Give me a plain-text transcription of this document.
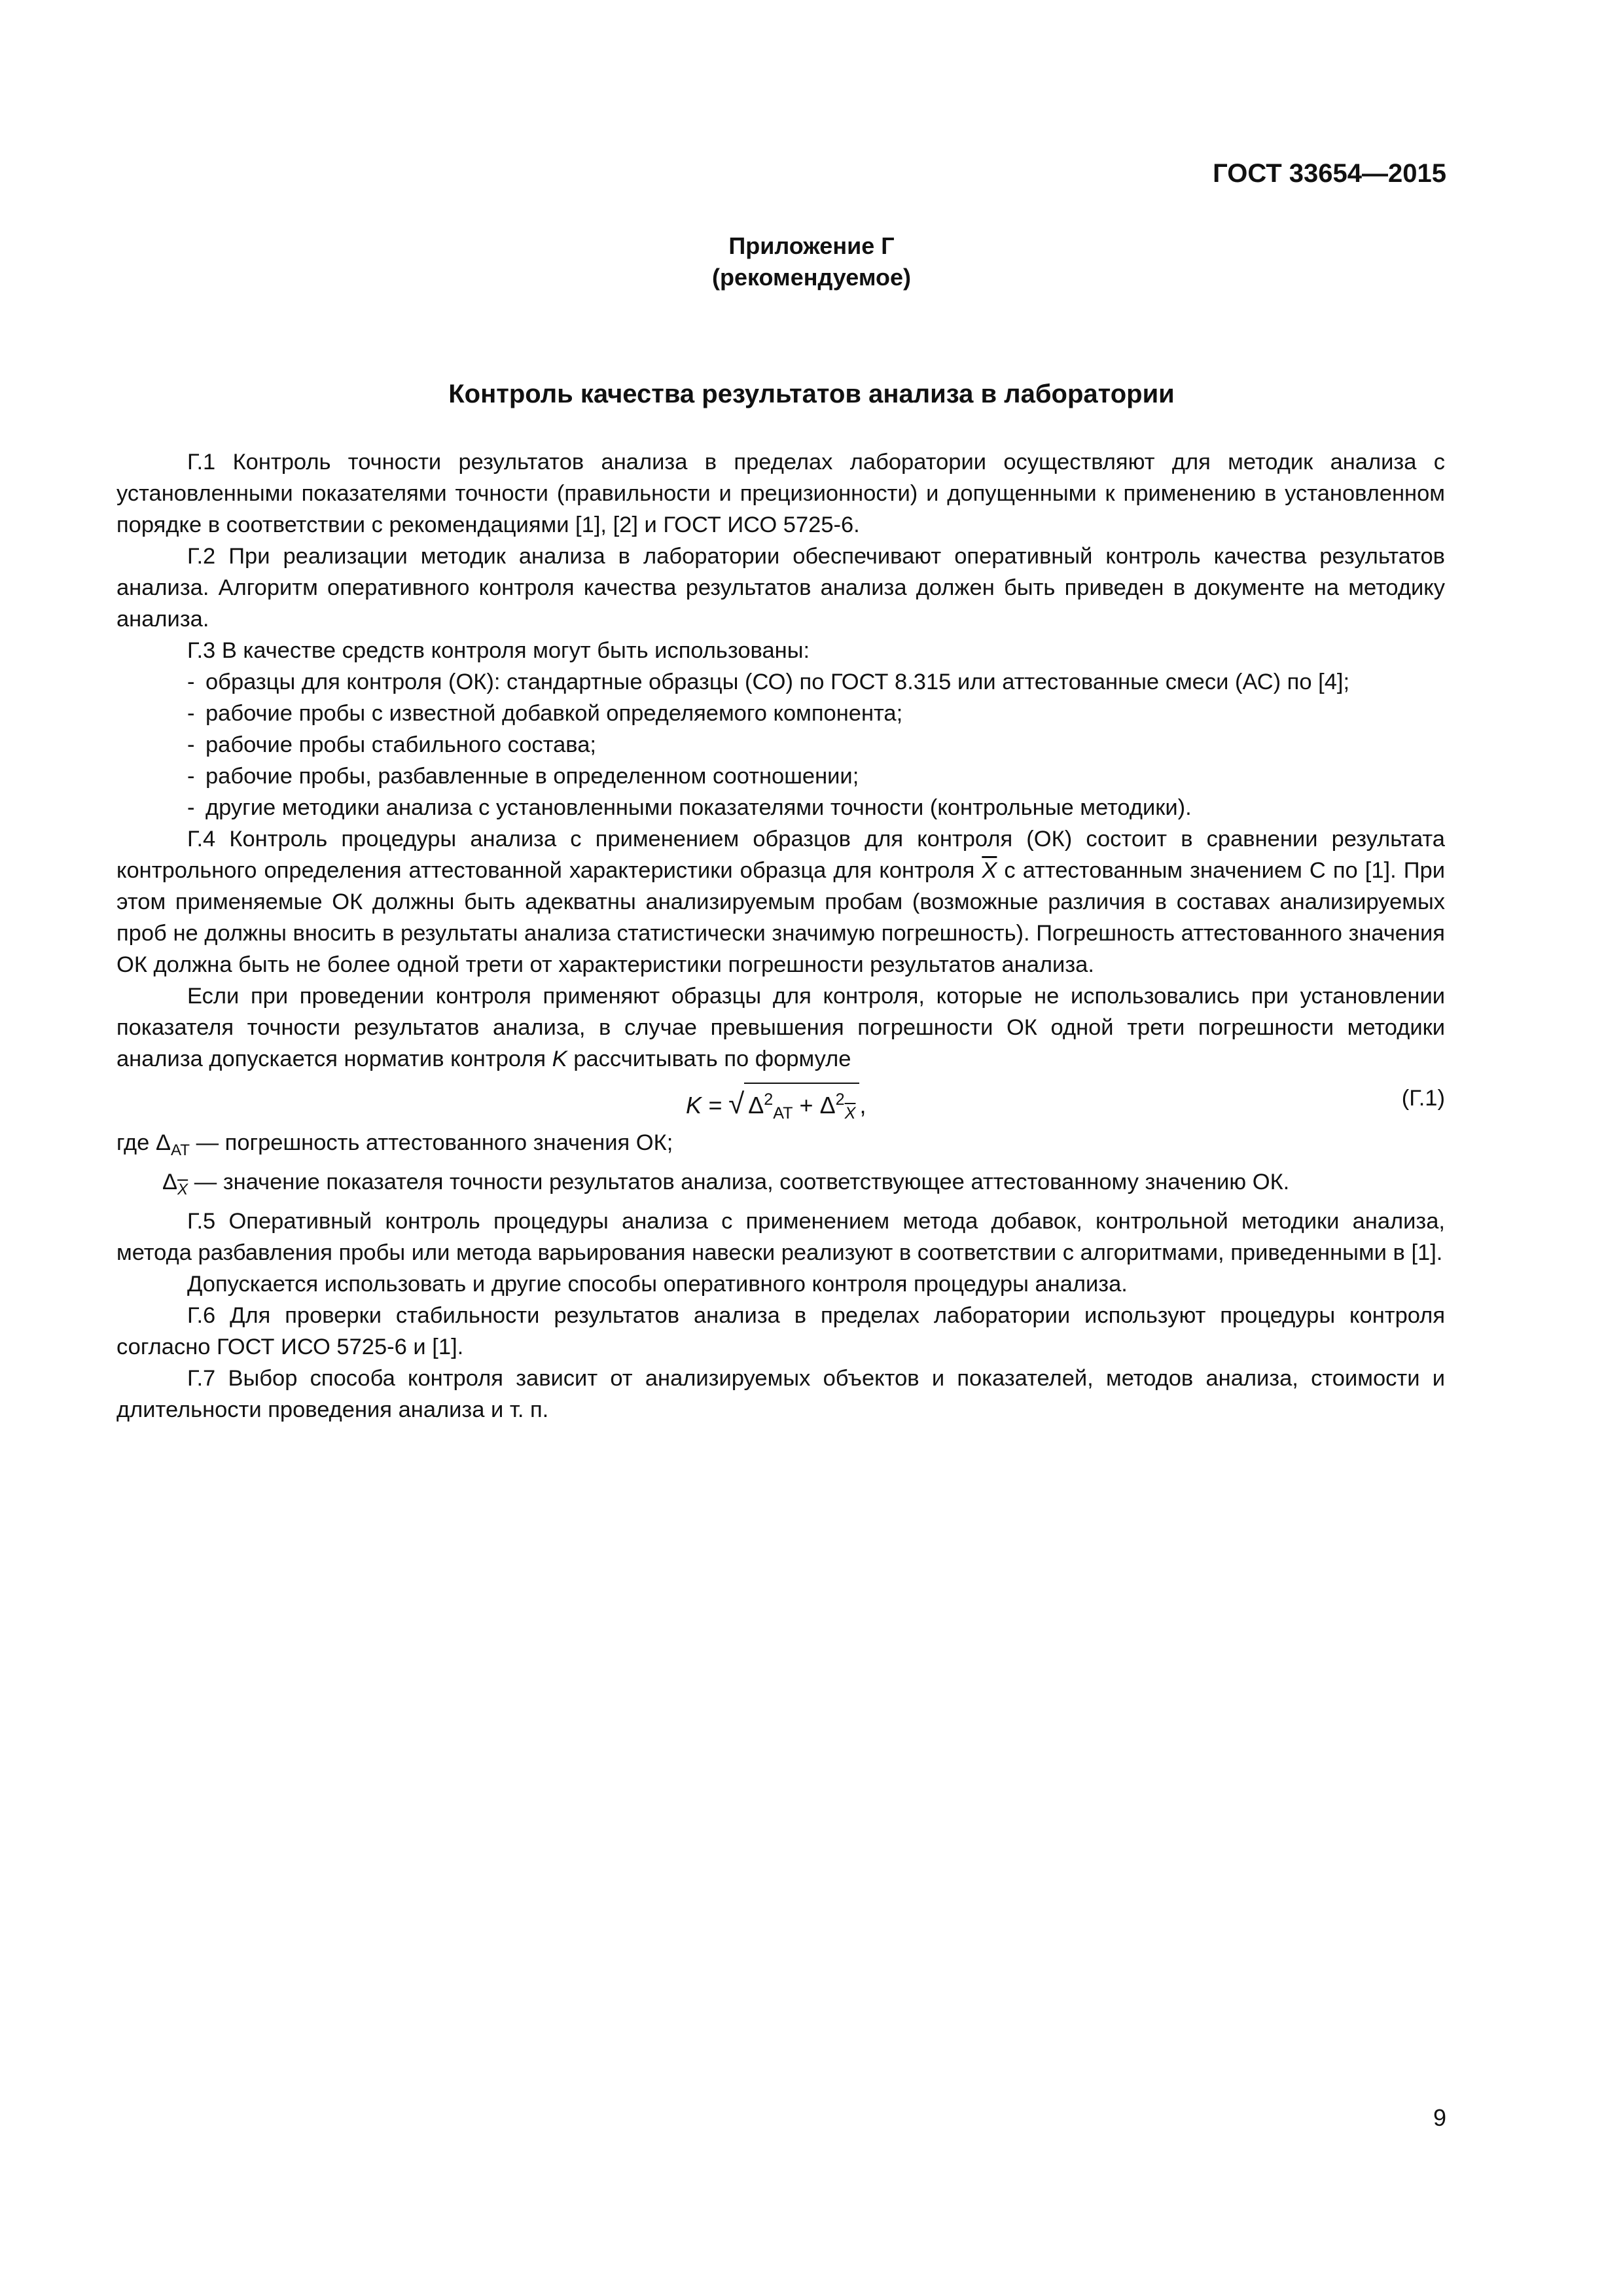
ГОСТ 33654—2015
Приложение Г
(рекомендуемое)
Контроль качества результатов анализа в лаборатории

Г.1 Контроль точности результатов анализа в пределах лаборатории осуществляют для методик анализа с установленными показателями точности (правильности и прецизионности) и допущенными к применению в установленном порядке в соответствии с рекомендациями [1], [2] и ГОСТ ИСО 5725-6.

Г.2 При реализации методик анализа в лаборатории обеспечивают оперативный контроль качества результатов анализа. Алгоритм оперативного контроля качества результатов анализа должен быть приведен в документе на методику анализа.

Г.3 В качестве средств контроля могут быть использованы:

- образцы для контроля (ОК): стандартные образцы (СО) по ГОСТ 8.315 или аттестованные смеси (АС) по [4];

- рабочие пробы с известной добавкой определяемого компонента;

- рабочие пробы стабильного состава;

- рабочие пробы, разбавленные в определенном соотношении;

- другие методики анализа с установленными показателями точности (контрольные методики).

Г.4 Контроль процедуры анализа с применением образцов для контроля (ОК) состоит в сравнении результата контрольного определения аттестованной характеристики образца для контроля $\overline{X}$ с аттестованным значением С по [1]. При этом применяемые ОК должны быть адекватны анализируемым пробам (возможные различия в составах анализируемых проб не должны вносить в результаты анализа статистически значимую погрешность). Погрешность аттестованного значения ОК должна быть не более одной трети от характеристики погрешности результатов анализа.

Если при проведении контроля применяют образцы для контроля, которые не использовались при установлении показателя точности результатов анализа, в случае превышения погрешности ОК одной трети погрешности методики анализа допускается норматив контроля K рассчитывать по формуле

K = √ $\Delta^2_{АТ} + \Delta^2_{\overline{X}}$ ,	(Г.1)

где $\Delta_{АТ}$ — погрешность аттестованного значения ОК;

$\Delta_{\overline{X}}$ — значение показателя точности результатов анализа, соответствующее аттестованному значению ОК.

Г.5 Оперативный контроль процедуры анализа с применением метода добавок, контрольной методики анализа, метода разбавления пробы или метода варьирования навески реализуют в соответствии с алгоритмами, приведенными в [1].

Допускается использовать и другие способы оперативного контроля процедуры анализа.

Г.6 Для проверки стабильности результатов анализа в пределах лаборатории используют процедуры контроля согласно ГОСТ ИСО 5725-6 и [1].

Г.7 Выбор способа контроля зависит от анализируемых объектов и показателей, методов анализа, стоимости и длительности проведения анализа и т. п.

9
